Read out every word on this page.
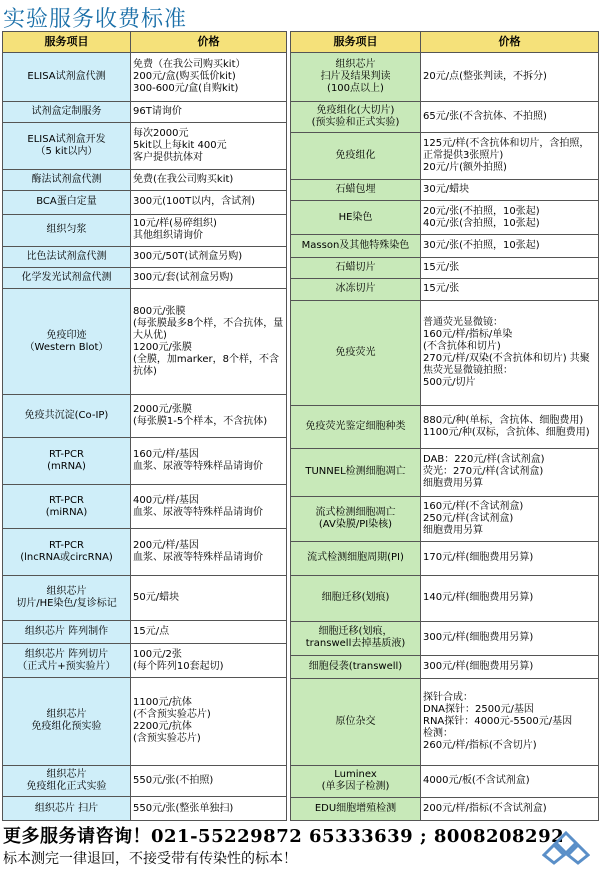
实验服务收费标准
服务项目	价格
ELISA试剂盒代测	免费（在我公司购买kit）
200元/盒(购买低价kit)
300-600元/盒(自购kit)
试剂盒定制服务	96T请询价
ELISA试剂盒开发
（5 kit以内）	每次2000元
5kit以上每kit 400元
客户提供抗体对
酶法试剂盒代测	免费(在我公司购买kit)
BCA蛋白定量	300元(100T以内，含试剂)
组织匀浆	10元/样(易碎组织)
其他组织请询价
比色法试剂盒代测	300元/50T(试剂盒另购)
化学发光试剂盒代测	300元/套(试剂盒另购)
免疫印迹
（Western Blot）	800元/张膜
(每张膜最多8个样，不合抗体，量大从优)
1200元/张膜
(全膜，加marker，8个样，不含抗体)
免疫共沉淀(Co-IP)	2000元/张膜
(每张膜1-5个样本，不含抗体)
RT-PCR
(mRNA)	160元/样/基因
血浆、尿液等特殊样品请询价
RT-PCR
(miRNA)	400元/样/基因
血浆、尿液等特殊样品请询价
RT-PCR
(lncRNA或circRNA)	200元/样/基因
血浆、尿液等特殊样品请询价
组织芯片
切片/HE染色/复诊标记	50元/蜡块
组织芯片 阵列制作	15元/点
组织芯片 阵列切片
（正式片+预实验片）	100元/2张
(每个阵列10套起切)
组织芯片
免疫组化预实验	1100元/抗体
(不含预实验芯片)
2200元/抗体
(含预实验芯片)
组织芯片
免疫组化正式实验	550元/张(不拍照)
组织芯片 扫片	550元/张(整张单独扫)
服务项目	价格
组织芯片
扫片及结果判读
(100点以上)	20元/点(整张判读，不拆分)
免疫组化(大切片)
(预实验和正式实验)	65元/张(不含抗体、不拍照)
免疫组化	125元/样(不含抗体和切片，含拍照，正常提供3张照片)
20元/片(额外拍照)
石蜡包埋	30元/蜡块
HE染色	20元/张(不拍照，10张起)
40元/张(含拍照，10张起)
Masson及其他特殊染色	30元/张(不拍照，10张起)
石蜡切片	15元/张
冰冻切片	15元/张
免疫荧光	普通荧光显微镜：
160元/样/指标/单染
(不含抗体和切片)
270元/样/双染(不含抗体和切片) 共聚焦荧光显微镜拍照：
500元/切片
免疫荧光鉴定细胞种类	880元/种(单标，含抗体、细胞费用) 1100元/种(双标，含抗体、细胞费用)
TUNNEL检测细胞凋亡	DAB：220元/样(含试剂盒)
荧光：270元/样(含试剂盒)
细胞费用另算
流式检测细胞凋亡
(AV染膜/PI染核)	160元/样(不含试剂盒)
250元/样(含试剂盒)
细胞费用另算
流式检测细胞周期(PI)	170元/样(细胞费用另算)
细胞迁移(划痕)	140元/样(细胞费用另算)
细胞迁移(划痕，
transwell去掉基质液)	300元/样(细胞费用另算)
细胞侵袭(transwell)	300元/样(细胞费用另算)
原位杂交	探针合成：
DNA探针：2500元/基因
RNA探针：4000元-5500元/基因
检测：
260元/样/指标(不含切片)
Luminex
(单多因子检测)	4000元/板(不含试剂盒)
EDU细胞增殖检测	200元/样/指标(不含试剂盒)
更多服务请咨询！021-55229872 65333639 ; 8008208292
标本测完一律退回，不接受带有传染性的标本！
